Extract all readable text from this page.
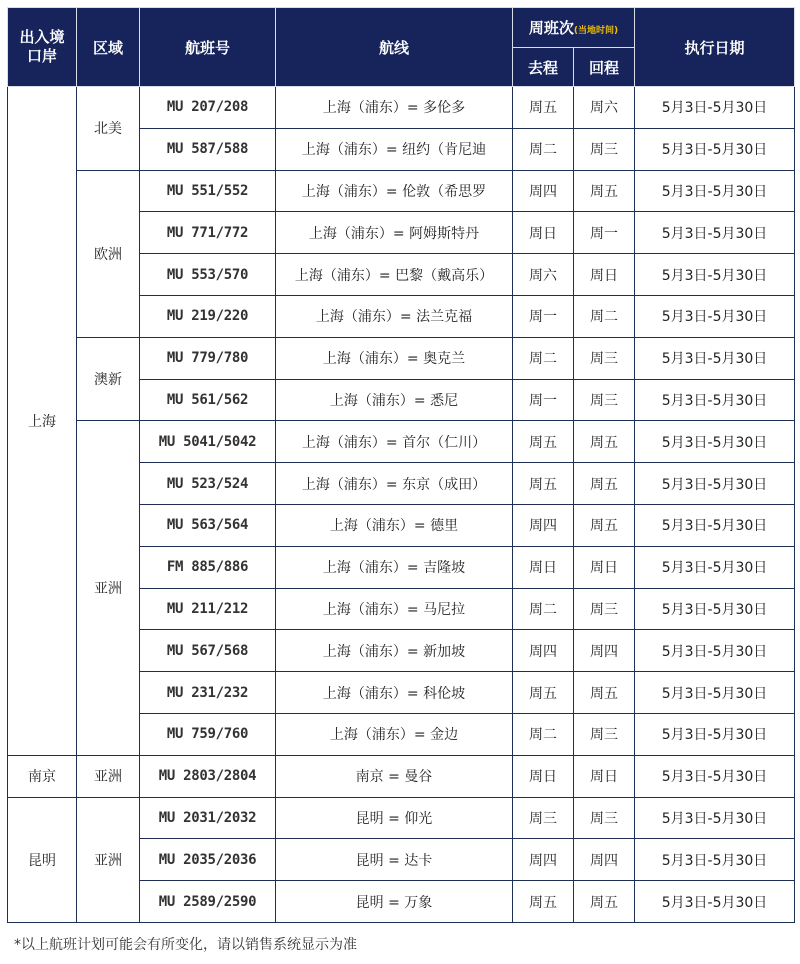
出入境口岸	区域	航班号	航线	周班次(当地时间)		执行日期
				去程	回程	
上海	北美	MU 207/208	上海（浦东）= 多伦多	周五	周六	5月3日-5月30日
		MU 587/588	上海（浦东）= 纽约（肯尼迪	周二	周三	5月3日-5月30日
	欧洲	MU 551/552	上海（浦东）= 伦敦（希思罗	周四	周五	5月3日-5月30日
		MU 771/772	上海（浦东）= 阿姆斯特丹	周日	周一	5月3日-5月30日
		MU 553/570	上海（浦东）= 巴黎（戴高乐）	周六	周日	5月3日-5月30日
		MU 219/220	上海（浦东）= 法兰克福	周一	周二	5月3日-5月30日
	澳新	MU 779/780	上海（浦东）= 奥克兰	周二	周三	5月3日-5月30日
		MU 561/562	上海（浦东）= 悉尼	周一	周三	5月3日-5月30日
	亚洲	MU 5041/5042	上海（浦东）= 首尔（仁川）	周五	周五	5月3日-5月30日
		MU 523/524	上海（浦东）= 东京（成田）	周五	周五	5月3日-5月30日
		MU 563/564	上海（浦东）= 德里	周四	周五	5月3日-5月30日
		FM 885/886	上海（浦东）= 吉隆坡	周日	周日	5月3日-5月30日
		MU 211/212	上海（浦东）= 马尼拉	周二	周三	5月3日-5月30日
		MU 567/568	上海（浦东）= 新加坡	周四	周四	5月3日-5月30日
		MU 231/232	上海（浦东）= 科伦坡	周五	周五	5月3日-5月30日
		MU 759/760	上海（浦东）= 金边	周二	周三	5月3日-5月30日
南京	亚洲	MU 2803/2804	南京 = 曼谷	周日	周日	5月3日-5月30日
昆明	亚洲	MU 2031/2032	昆明 = 仰光	周三	周三	5月3日-5月30日
		MU 2035/2036	昆明 = 达卡	周四	周四	5月3日-5月30日
		MU 2589/2590	昆明 = 万象	周五	周五	5月3日-5月30日
*以上航班计划可能会有所变化，请以销售系统显示为准
